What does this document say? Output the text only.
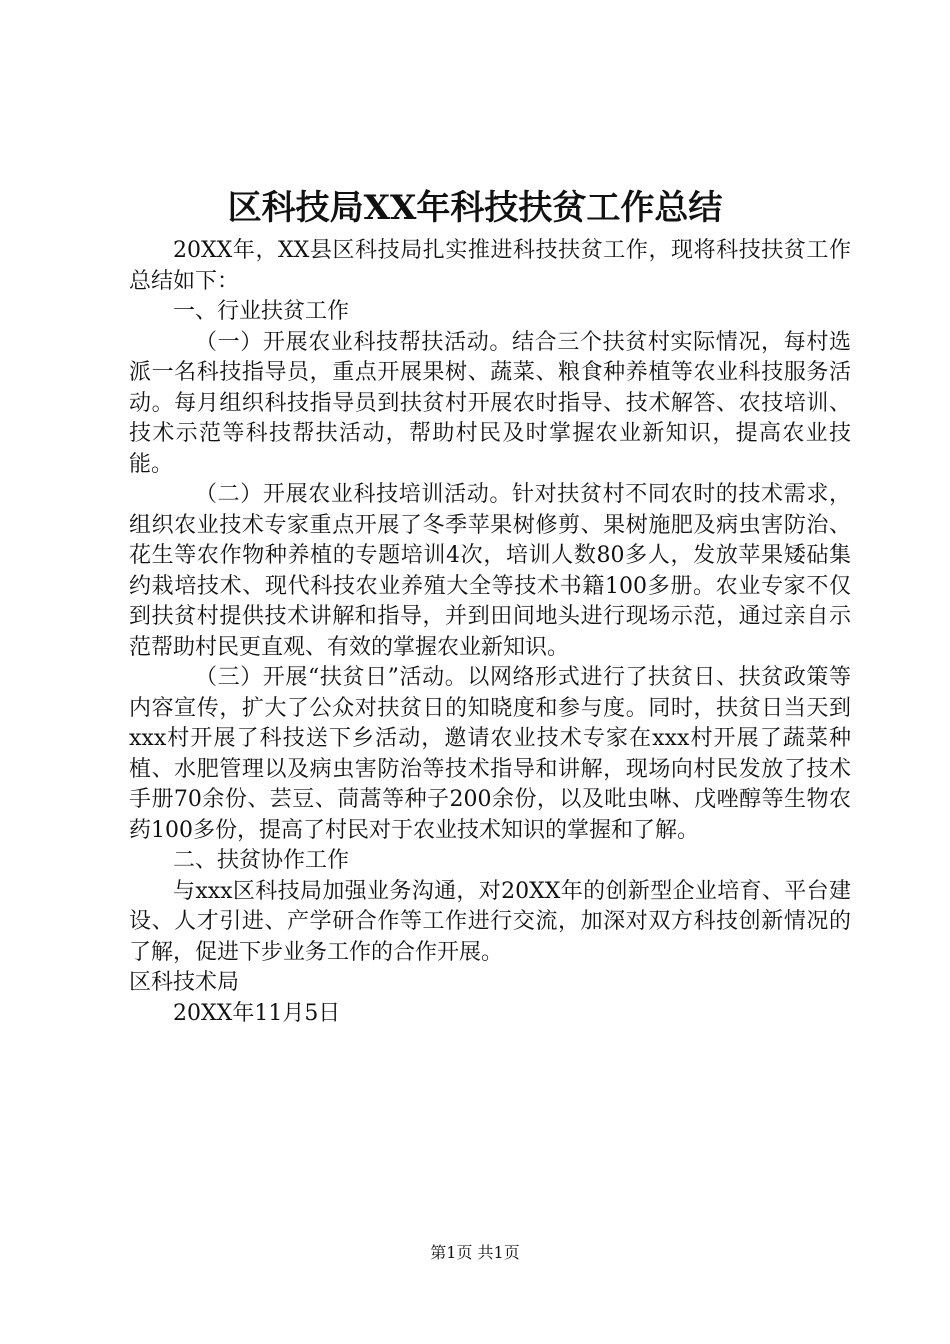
区科技局XX年科技扶贫工作总结

20XX年，XX县区科技局扎实推进科技扶贫工作，现将科技扶贫工作总结如下：

一、行业扶贫工作

（一）开展农业科技帮扶活动。结合三个扶贫村实际情况，每村选派一名科技指导员，重点开展果树、蔬菜、粮食种养植等农业科技服务活动。每月组织科技指导员到扶贫村开展农时指导、技术解答、农技培训、技术示范等科技帮扶活动，帮助村民及时掌握农业新知识，提高农业技能。

（二）开展农业科技培训活动。针对扶贫村不同农时的技术需求，组织农业技术专家重点开展了冬季苹果树修剪、果树施肥及病虫害防治、花生等农作物种养植的专题培训4次，培训人数80多人，发放苹果矮砧集约栽培技术、现代科技农业养殖大全等技术书籍100多册。农业专家不仅到扶贫村提供技术讲解和指导，并到田间地头进行现场示范，通过亲自示范帮助村民更直观、有效的掌握农业新知识。

（三）开展“扶贫日”活动。以网络形式进行了扶贫日、扶贫政策等内容宣传，扩大了公众对扶贫日的知晓度和参与度。同时，扶贫日当天到xxx村开展了科技送下乡活动，邀请农业技术专家在xxx村开展了蔬菜种植、水肥管理以及病虫害防治等技术指导和讲解，现场向村民发放了技术手册70余份、芸豆、茼蒿等种子200余份，以及吡虫啉、戊唑醇等生物农药100多份，提高了村民对于农业技术知识的掌握和了解。

二、扶贫协作工作

与xxx区科技局加强业务沟通，对20XX年的创新型企业培育、平台建设、人才引进、产学研合作等工作进行交流，加深对双方科技创新情况的了解，促进下步业务工作的合作开展。

区科技术局

20XX年11月5日

第1页 共1页
